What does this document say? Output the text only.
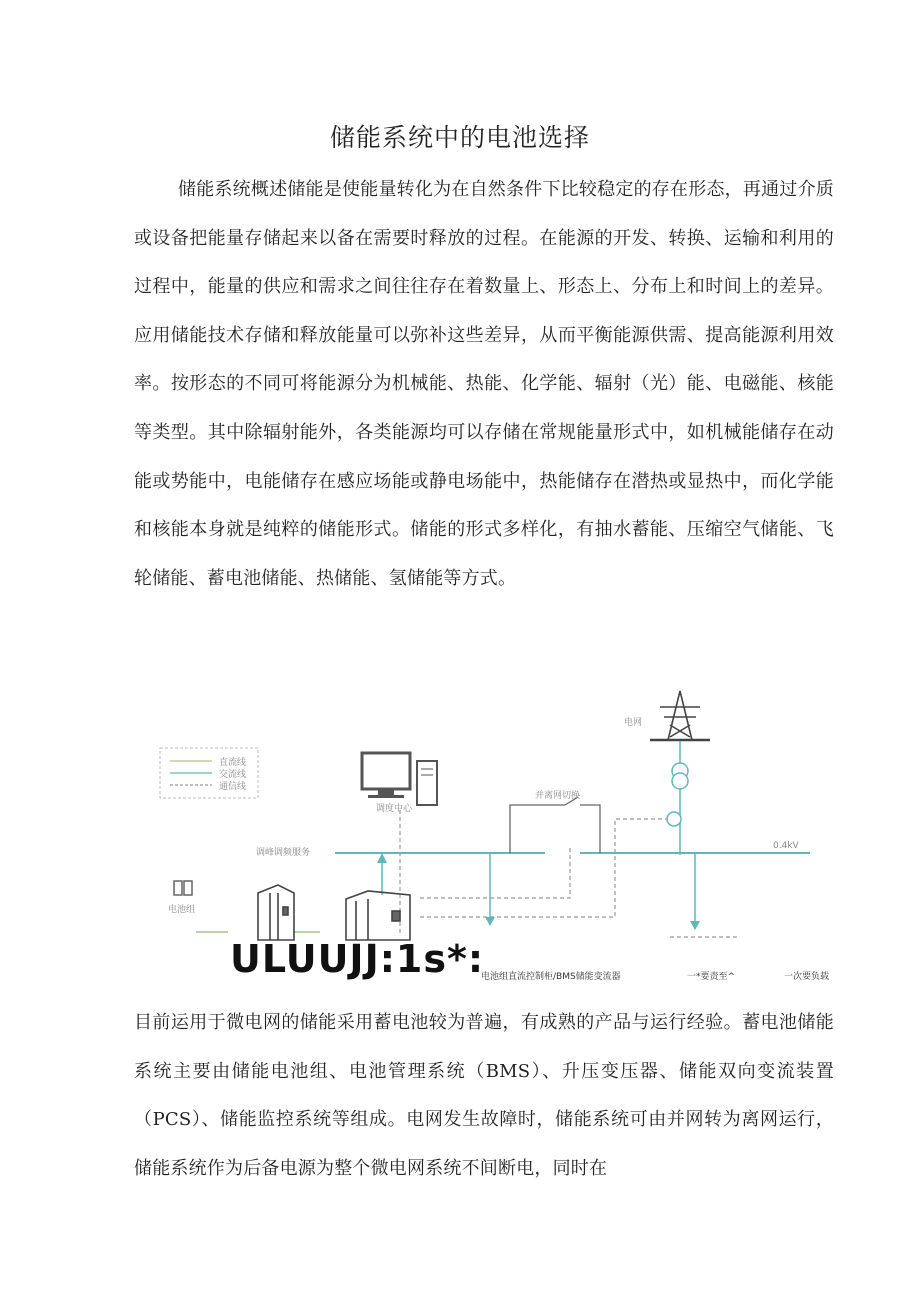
储能系统中的电池选择
储能系统概述储能是使能量转化为在自然条件下比较稳定的存在形态，再通过介质或设备把能量存储起来以备在需要时释放的过程。在能源的开发、转换、运输和利用的过程中，能量的供应和需求之间往往存在着数量上、形态上、分布上和时间上的差异。应用储能技术存储和释放能量可以弥补这些差异，从而平衡能源供需、提高能源利用效率。按形态的不同可将能源分为机械能、热能、化学能、辐射（光）能、电磁能、核能等类型。其中除辐射能外，各类能源均可以存储在常规能量形式中，如机械能储存在动能或势能中，电能储存在感应场能或静电场能中，热能储存在潜热或显热中，而化学能和核能本身就是纯粹的储能形式。储能的形式多样化，有抽水蓄能、压缩空气储能、飞轮储能、蓄电池储能、热储能、氢储能等方式。
直流线
交流线
通信线
电网
调度中心
并离网切换
调峰调频服务
0.4kV
电池组
ULUUJJ:1s*:
电池组直流控制柜/BMS储能变流器	一*要责至^	一次要负载
目前运用于微电网的储能采用蓄电池较为普遍，有成熟的产品与运行经验。蓄电池储能系统主要由储能电池组、电池管理系统（BMS）、升压变压器、储能双向变流装置（PCS）、储能监控系统等组成。电网发生故障时，储能系统可由并网转为离网运行，储能系统作为后备电源为整个微电网系统不间断电，同时在
